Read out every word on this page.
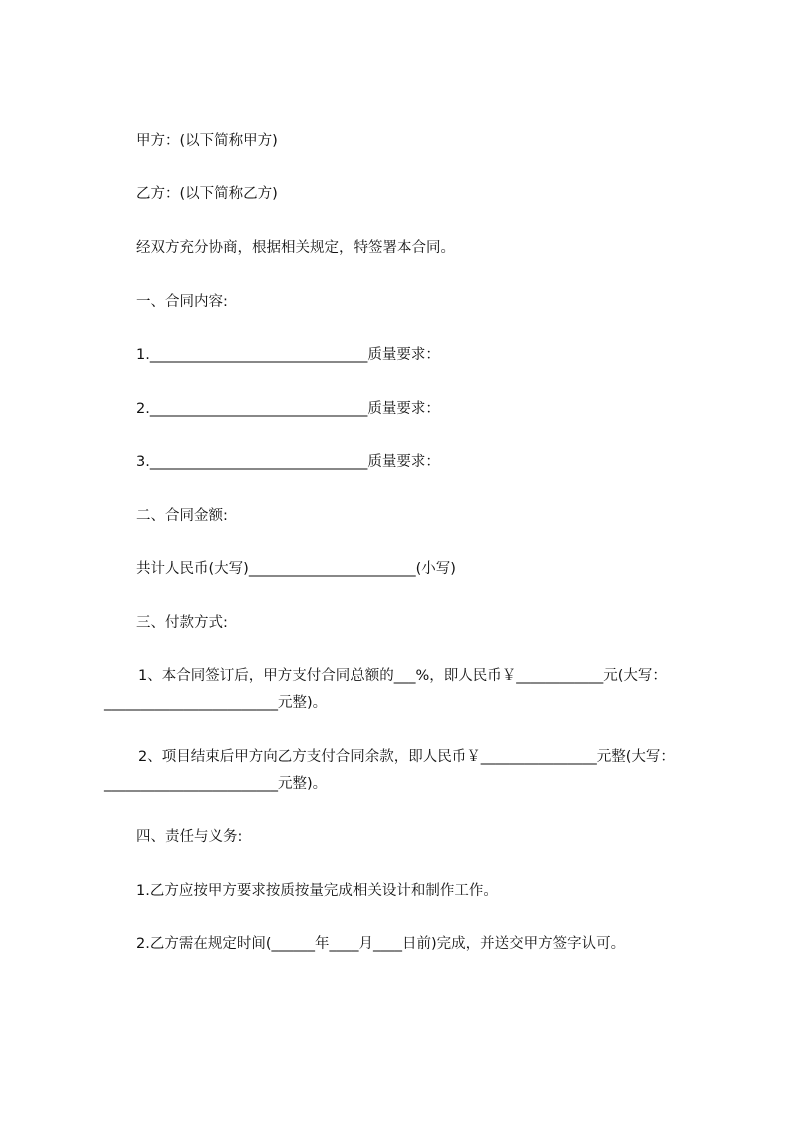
甲方：(以下简称甲方)
乙方：(以下简称乙方)
经双方充分协商，根据相关规定，特签署本合同。
一、合同内容:
1.______________________________质量要求：
2.______________________________质量要求：
3.______________________________质量要求：
二、合同金额:
共计人民币(大写)_______________________(小写)
三、付款方式:
1、本合同签订后，甲方支付合同总额的___%，即人民币￥____________元(大写：
________________________元整)。
2、项目结束后甲方向乙方支付合同余款，即人民币￥________________元整(大写：
________________________元整)。
四、责任与义务:
1.乙方应按甲方要求按质按量完成相关设计和制作工作。
2.乙方需在规定时间(______年____月____日前)完成，并送交甲方签字认可。
